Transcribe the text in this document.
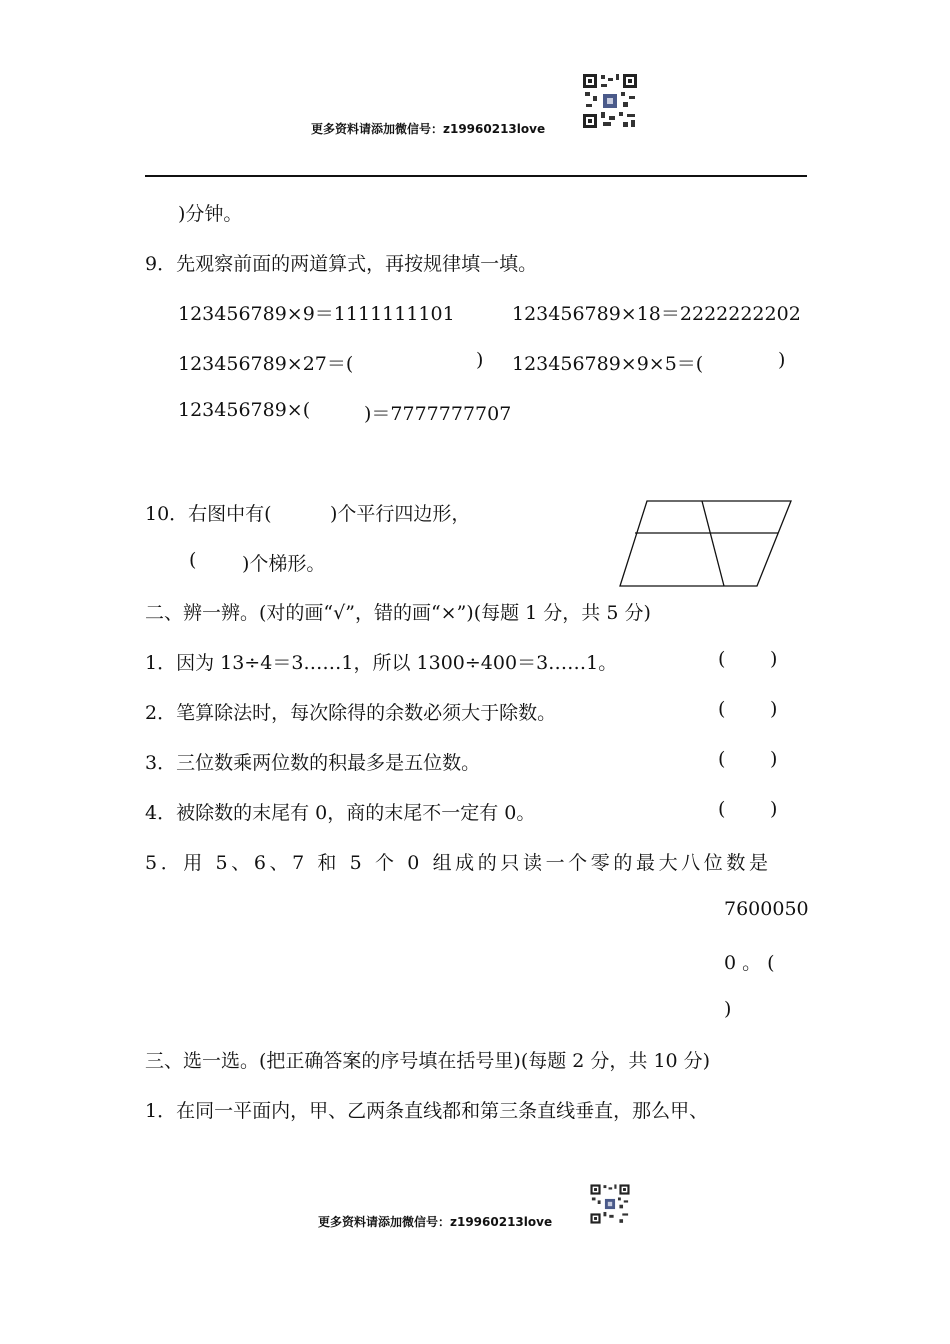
更多资料请添加微信号：z19960213love
)分钟。
9．先观察前面的两道算式，再按规律填一填。
123456789×9＝1111111101	123456789×18＝2222222202
123456789×27＝(	) 123456789×9×5＝(	)
123456789×(	)＝7777777707
10．右图中有(	)个平行四边形，
( )个梯形。
二、辨一辨。(对的画“√”，错的画“×”)(每题 1 分，共 5 分)
1．因为 13÷4＝3……1，所以 1300÷400＝3……1。	( )
2．笔算除法时，每次除得的余数必须大于除数。	( )
3．三位数乘两位数的积最多是五位数。	( )
4．被除数的末尾有 0，商的末尾不一定有 0。	( )
5．用 5、6、7 和 5 个 0 组成的只读一个零的最大八位数是
7600050
0 。 (
)
三、选一选。(把正确答案的序号填在括号里)(每题 2 分，共 10 分)
1．在同一平面内，甲、乙两条直线都和第三条直线垂直，那么甲、
更多资料请添加微信号：z19960213love
